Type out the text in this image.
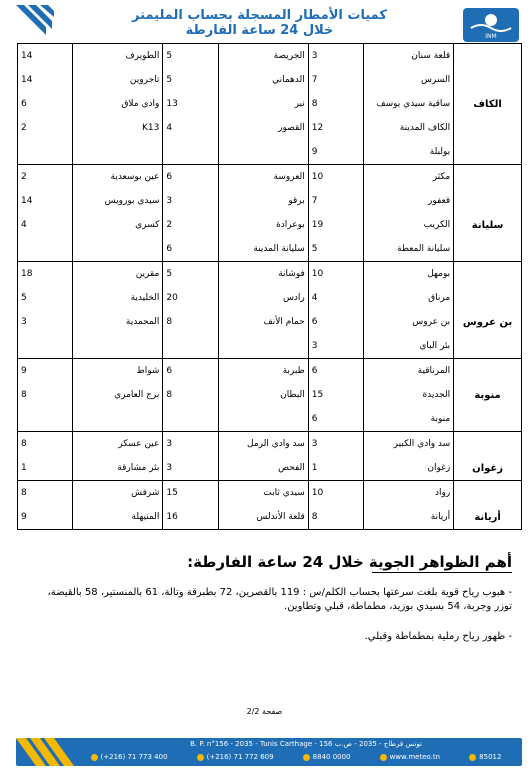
كميات الأمطار المسجلة بحساب المليمتر
خلال 24 ساعة الفارطة	INM
14	الطويرف	5	الجريصة	3	قلعة سنان	
14	تاجروين	5	الدهماني	7	السرس	
6	وادي ملاق	13	نبر	8	ساقية سيدي يوسف	الكاف
2	K13	4	القصور	12	الكاف المدينة	
				9	بولبلة	
2	عين بوسعدية	6	العروسة	10	مكثر	
14	سيدي بورويس	3	برقو	7	قعفور	
4	كسرى	2	بوعرادة	19	الكريب	سليانة
		6	سليانة المدينة	5	سليانة المعطة	
18	مقرين	5	فوشانة	10	بومهل	
5	الخليدية	20	رادس	4	مرناق	
3	المحمدية	8	حمام الأنف	6	بن عروس	بن عروس
				3	بئر الباي	
9	شواط	6	طبربة	6	المرناقية	
8	برج العامري	8	البطان	15	الجديدة	منوبة
				6	منوبة	
8	عين عسكر	3	سد وادي الرمل	3	سد وادي الكبير	
1	بئر مشارقة	3	الفحص	1	زغوان	زغوان
8	شرفش	15	سيدي ثابت	10	رواد	
9	المنيهلة	16	قلعة الأندلس	8	أريانة	أريانة
أهم الظواهر الجوية خلال 24 ساعة الفارطة:
- هبوب رياح قوية بلغت سرعتها بحساب الكلم/س : 119 بالقصرين، 72 بطبرقة وتالة، 61 بالمنستير، 58 بالقيضة، توزر وجربة، 54 بسيدي بوزيد، مطماطة، قبلي وتطاوين.
- ظهور رياح رملية بمطماطة وقبلي.
صفحة 2/2
B. P. n°156 - 2035 - Tunis Carthage - تونس قرطاج - 2035 - ص.ب 156
(+216) 71 773 400	(+216) 71 772 609	8840 0000	www.meteo.tn	85012
